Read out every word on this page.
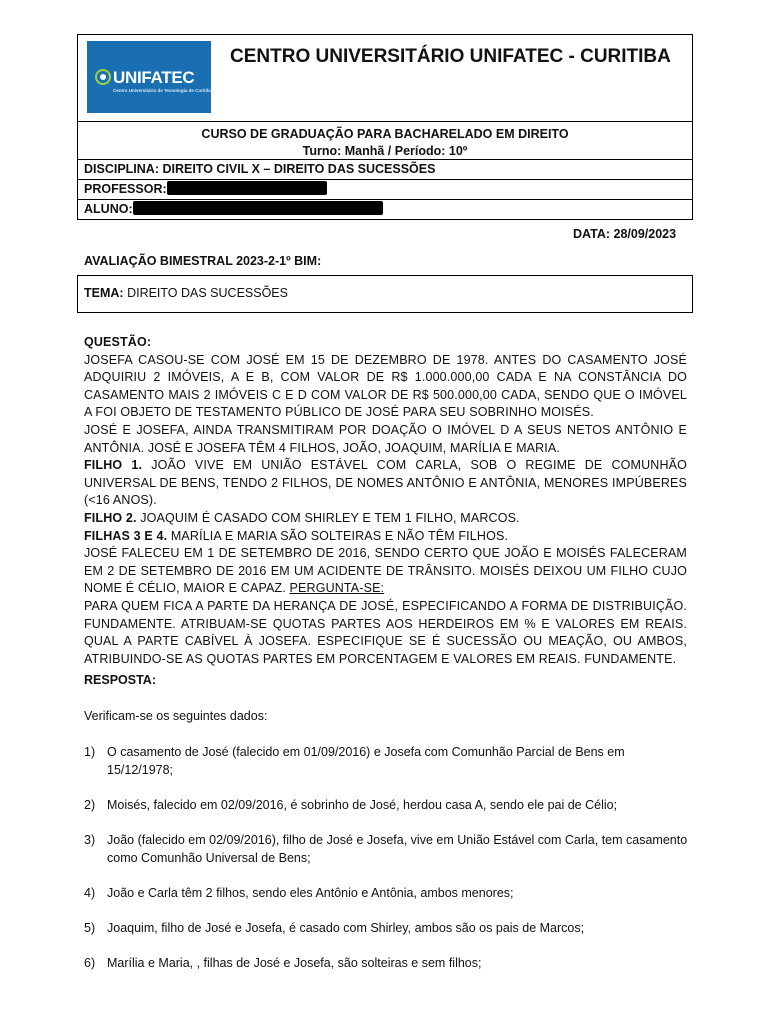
UNIFATEC
Centro Universitário de Tecnologia de Curitiba
CENTRO UNIVERSITÁRIO UNIFATEC - CURITIBA
CURSO DE GRADUAÇÃO PARA BACHARELADO EM DIREITO
Turno: Manhã / Período: 10º
DISCIPLINA: DIREITO CIVIL X – DIREITO DAS SUCESSÕES
PROFESSOR:
ALUNO:
DATA: 28/09/2023
AVALIAÇÃO BIMESTRAL 2023-2-1º BIM:
TEMA: DIREITO DAS SUCESSÕES

QUESTÃO:

JOSEFA CASOU-SE COM JOSÉ EM 15 DE DEZEMBRO DE 1978. ANTES DO CASAMENTO JOSÉ ADQUIRIU 2 IMÓVEIS, A E B, COM VALOR DE R$ 1.000.000,00 CADA E NA CONSTÂNCIA DO CASAMENTO MAIS 2 IMÓVEIS C E D COM VALOR DE R$ 500.000,00 CADA, SENDO QUE O IMÓVEL A FOI OBJETO DE TESTAMENTO PÚBLICO DE JOSÉ PARA SEU SOBRINHO MOISÉS.

JOSÉ E JOSEFA, AINDA TRANSMITIRAM POR DOAÇÃO O IMÓVEL D A SEUS NETOS ANTÔNIO E ANTÔNIA. JOSÉ E JOSEFA TÊM 4 FILHOS, JOÃO, JOAQUIM, MARÍLIA E MARIA.

FILHO 1. JOÃO VIVE EM UNIÃO ESTÁVEL COM CARLA, SOB O REGIME DE COMUNHÃO UNIVERSAL DE BENS, TENDO 2 FILHOS, DE NOMES ANTÔNIO E ANTÔNIA, MENORES IMPÚBERES (<16 ANOS).

FILHO 2. JOAQUIM É CASADO COM SHIRLEY E TEM 1 FILHO, MARCOS.

FILHAS 3 E 4. MARÍLIA E MARIA SÃO SOLTEIRAS E NÃO TÊM FILHOS.

JOSÉ FALECEU EM 1 DE SETEMBRO DE 2016, SENDO CERTO QUE JOÃO E MOISÉS FALECERAM EM 2 DE SETEMBRO DE 2016 EM UM ACIDENTE DE TRÂNSITO. MOISÉS DEIXOU UM FILHO CUJO NOME É CÉLIO, MAIOR E CAPAZ. PERGUNTA-SE:

PARA QUEM FICA A PARTE DA HERANÇA DE JOSÉ, ESPECIFICANDO A FORMA DE DISTRIBUIÇÃO. FUNDAMENTE. ATRIBUAM-SE QUOTAS PARTES AOS HERDEIROS EM % E VALORES EM REAIS. QUAL A PARTE CABÍVEL À JOSEFA. ESPECIFIQUE SE É SUCESSÃO OU MEAÇÃO, OU AMBOS, ATRIBUINDO-SE AS QUOTAS PARTES EM PORCENTAGEM E VALORES EM REAIS. FUNDAMENTE.

RESPOSTA:
Verificam-se os seguintes dados:
1) O casamento de José (falecido em 01/09/2016) e Josefa com Comunhão Parcial de Bens em 15/12/1978;
2) Moisés, falecido em 02/09/2016, é sobrinho de José, herdou casa A, sendo ele pai de Célio;
3) João (falecido em 02/09/2016), filho de José e Josefa, vive em União Estável com Carla, tem casamento como Comunhão Universal de Bens;
4) João e Carla têm 2 filhos, sendo eles Antônio e Antônia, ambos menores;
5) Joaquim, filho de José e Josefa, é casado com Shirley, ambos são os pais de Marcos;
6) Marília e Maria, , filhas de José e Josefa, são solteiras e sem filhos;
